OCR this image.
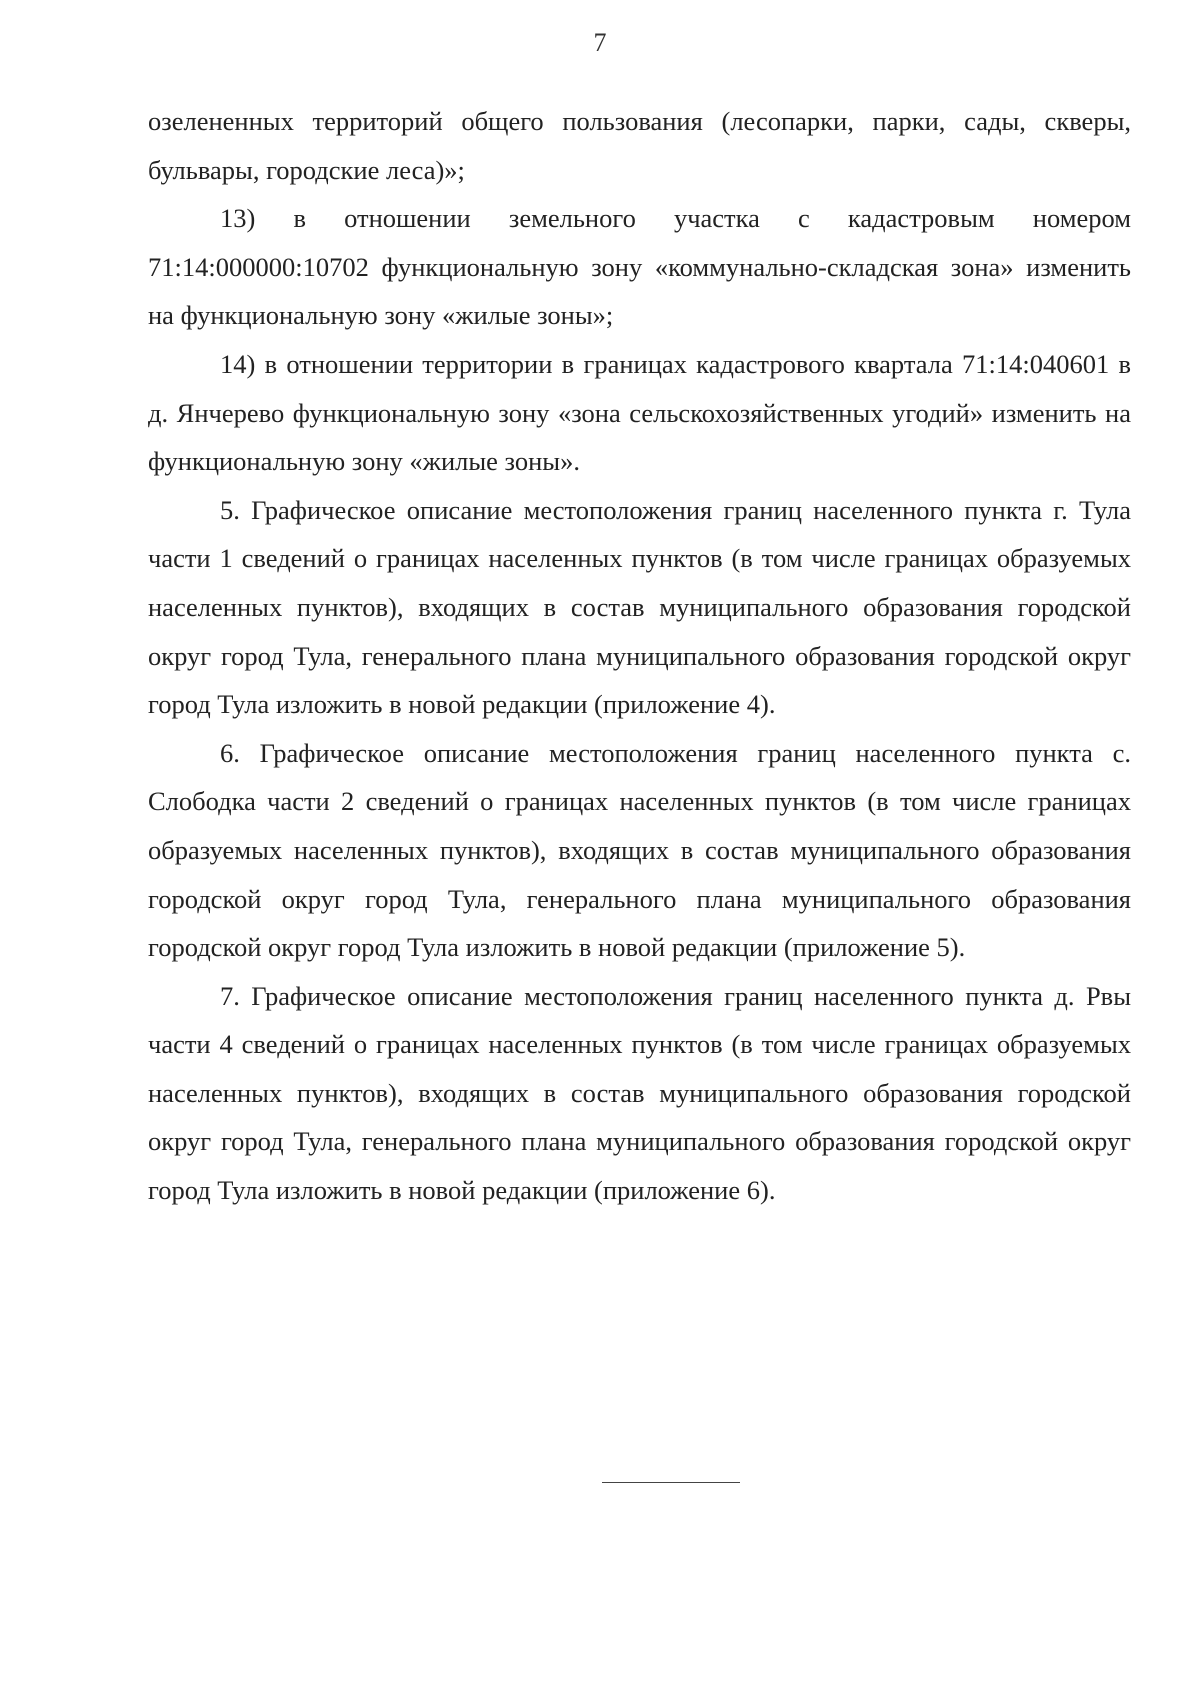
7

озелененных территорий общего пользования (лесопарки, парки, сады, скверы, бульвары, городские леса)»;

13) в отношении земельного участка с кадастровым номером 71:14:000000:10702 функциональную зону «коммунально-складская зона» изменить на функциональную зону «жилые зоны»;

14) в отношении территории в границах кадастрового квартала 71:14:040601 в д. Янчерево функциональную зону «зона сельскохозяйственных угодий» изменить на функциональную зону «жилые зоны».

5. Графическое описание местоположения границ населенного пункта г. Тула части 1 сведений о границах населенных пунктов (в том числе границах образуемых населенных пунктов), входящих в состав муниципального образования городской округ город Тула, генерального плана муниципального образования городской округ город Тула изложить в новой редакции (приложение 4).

6. Графическое описание местоположения границ населенного пункта с. Слободка части 2 сведений о границах населенных пунктов (в том числе границах образуемых населенных пунктов), входящих в состав муниципального образования городской округ город Тула, генерального плана муниципального образования городской округ город Тула изложить в новой редакции (приложение 5).

7. Графическое описание местоположения границ населенного пункта д. Рвы части 4 сведений о границах населенных пунктов (в том числе границах образуемых населенных пунктов), входящих в состав муниципального образования городской округ город Тула, генерального плана муниципального образования городской округ город Тула изложить в новой редакции (приложение 6).
